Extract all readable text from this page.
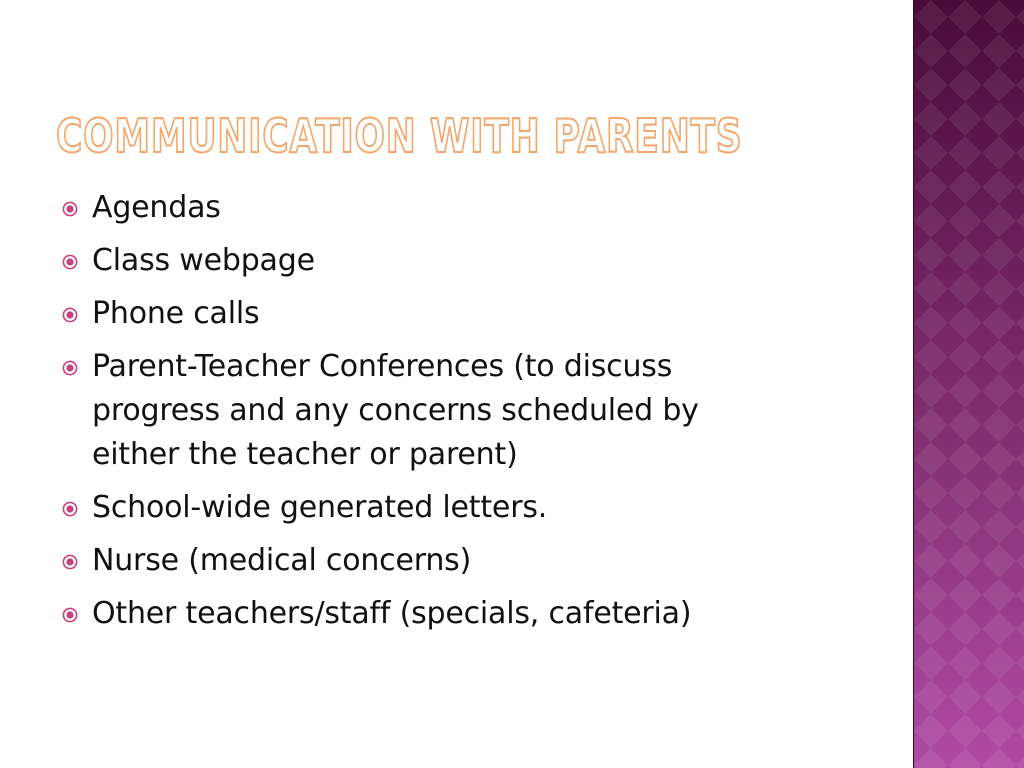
COMMUNICATION WITH PARENTS
Agendas
Class webpage
Phone calls
Parent-Teacher Conferences (to discuss progress and any concerns scheduled by either the teacher or parent)
School-wide generated letters.
Nurse (medical concerns)
Other teachers/staff (specials, cafeteria)
